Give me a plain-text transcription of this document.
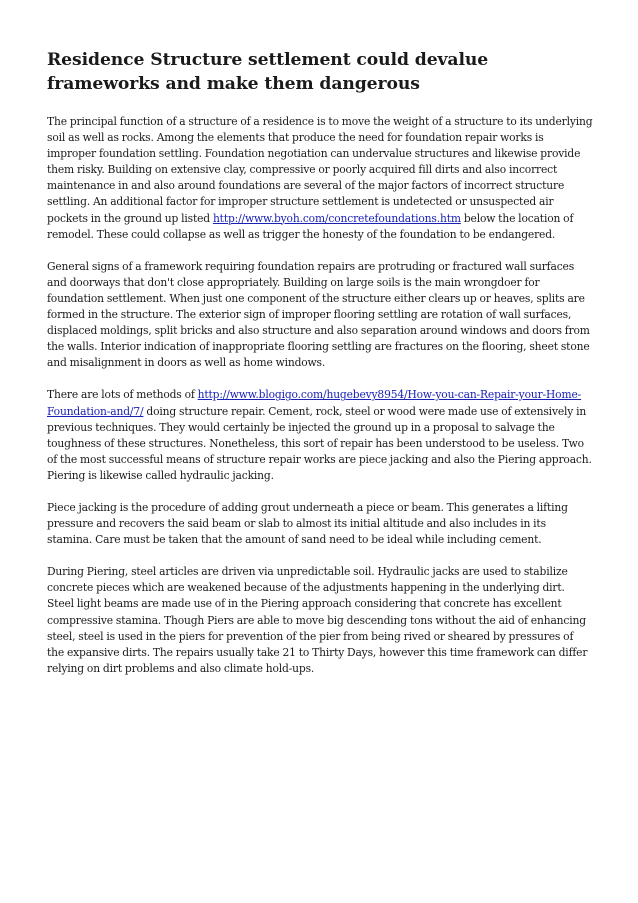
Residence Structure settlement could devalue frameworks and make them dangerous

The principal function of a structure of a residence is to move the weight of a structure to its underlying soil as well as rocks. Among the elements that produce the need for foundation repair works is improper foundation settling. Foundation negotiation can undervalue structures and likewise provide them risky. Building on extensive clay, compressive or poorly acquired fill dirts and also incorrect maintenance in and also around foundations are several of the major factors of incorrect structure settling. An additional factor for improper structure settlement is undetected or unsuspected air pockets in the ground up listed http://www.byoh.com/concretefoundations.htm below the location of remodel. These could collapse as well as trigger the honesty of the foundation to be endangered.

General signs of a framework requiring foundation repairs are protruding or fractured wall surfaces and doorways that don't close appropriately. Building on large soils is the main wrongdoer for foundation settlement. When just one component of the structure either clears up or heaves, splits are formed in the structure. The exterior sign of improper flooring settling are rotation of wall surfaces, displaced moldings, split bricks and also structure and also separation around windows and doors from the walls. Interior indication of inappropriate flooring settling are fractures on the flooring, sheet stone and misalignment in doors as well as home windows.

There are lots of methods of http://www.blogigo.com/hugebevy8954/How-you-can-Repair-your-Home-Foundation-and/7/ doing structure repair. Cement, rock, steel or wood were made use of extensively in previous techniques. They would certainly be injected the ground up in a proposal to salvage the toughness of these structures. Nonetheless, this sort of repair has been understood to be useless. Two of the most successful means of structure repair works are piece jacking and also the Piering approach. Piering is likewise called hydraulic jacking.

Piece jacking is the procedure of adding grout underneath a piece or beam. This generates a lifting pressure and recovers the said beam or slab to almost its initial altitude and also includes in its stamina. Care must be taken that the amount of sand need to be ideal while including cement.

During Piering, steel articles are driven via unpredictable soil. Hydraulic jacks are used to stabilize concrete pieces which are weakened because of the adjustments happening in the underlying dirt. Steel light beams are made use of in the Piering approach considering that concrete has excellent compressive stamina. Though Piers are able to move big descending tons without the aid of enhancing steel, steel is used in the piers for prevention of the pier from being rived or sheared by pressures of the expansive dirts. The repairs usually take 21 to Thirty Days, however this time framework can differ relying on dirt problems and also climate hold-ups.
